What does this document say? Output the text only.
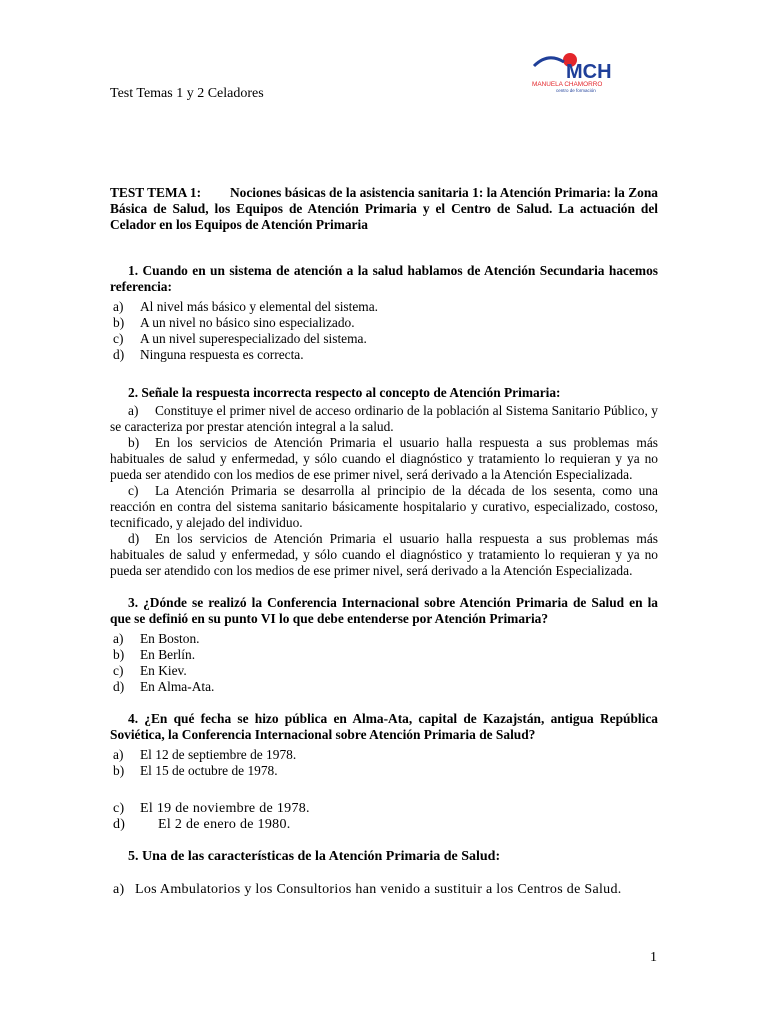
Test Temas 1 y 2 Celadores
MCH
MANUELA CHAMORRO
centro de formación

TEST TEMA 1: Nociones básicas de la asistencia sanitaria 1: la Atención Primaria: la Zona Básica de Salud, los Equipos de Atención Primaria y el Centro de Salud. La actuación del Celador en los Equipos de Atención Primaria

1. Cuando en un sistema de atención a la salud hablamos de Atención Secundaria hacemos referencia:

a) Al nivel más básico y elemental del sistema.

b) A un nivel no básico sino especializado.

c) A un nivel superespecializado del sistema.

d) Ninguna respuesta es correcta.

2. Señale la respuesta incorrecta respecto al concepto de Atención Primaria:

a) Constituye el primer nivel de acceso ordinario de la población al Sistema Sanitario Público, y se caracteriza por prestar atención integral a la salud.

b) En los servicios de Atención Primaria el usuario halla respuesta a sus problemas más habituales de salud y enfermedad, y sólo cuando el diagnóstico y tratamiento lo requieran y ya no pueda ser atendido con los medios de ese primer nivel, será derivado a la Atención Especializada.

c) La Atención Primaria se desarrolla al principio de la década de los sesenta, como una reacción en contra del sistema sanitario básicamente hospitalario y curativo, especializado, costoso, tecnificado, y alejado del individuo.

d) En los servicios de Atención Primaria el usuario halla respuesta a sus problemas más habituales de salud y enfermedad, y sólo cuando el diagnóstico y tratamiento lo requieran y ya no pueda ser atendido con los medios de ese primer nivel, será derivado a la Atención Especializada.

3. ¿Dónde se realizó la Conferencia Internacional sobre Atención Primaria de Salud en la que se definió en su punto VI lo que debe entenderse por Atención Primaria?

a) En Boston.

b) En Berlín.

c) En Kiev.

d) En Alma-Ata.

4. ¿En qué fecha se hizo pública en Alma-Ata, capital de Kazajstán, antigua República Soviética, la Conferencia Internacional sobre Atención Primaria de Salud?

a) El 12 de septiembre de 1978.

b) El 15 de octubre de 1978.

c) El 19 de noviembre de 1978.

d) El 2 de enero de 1980.

5. Una de las características de la Atención Primaria de Salud:

a) Los Ambulatorios y los Consultorios han venido a sustituir a los Centros de Salud.

1
